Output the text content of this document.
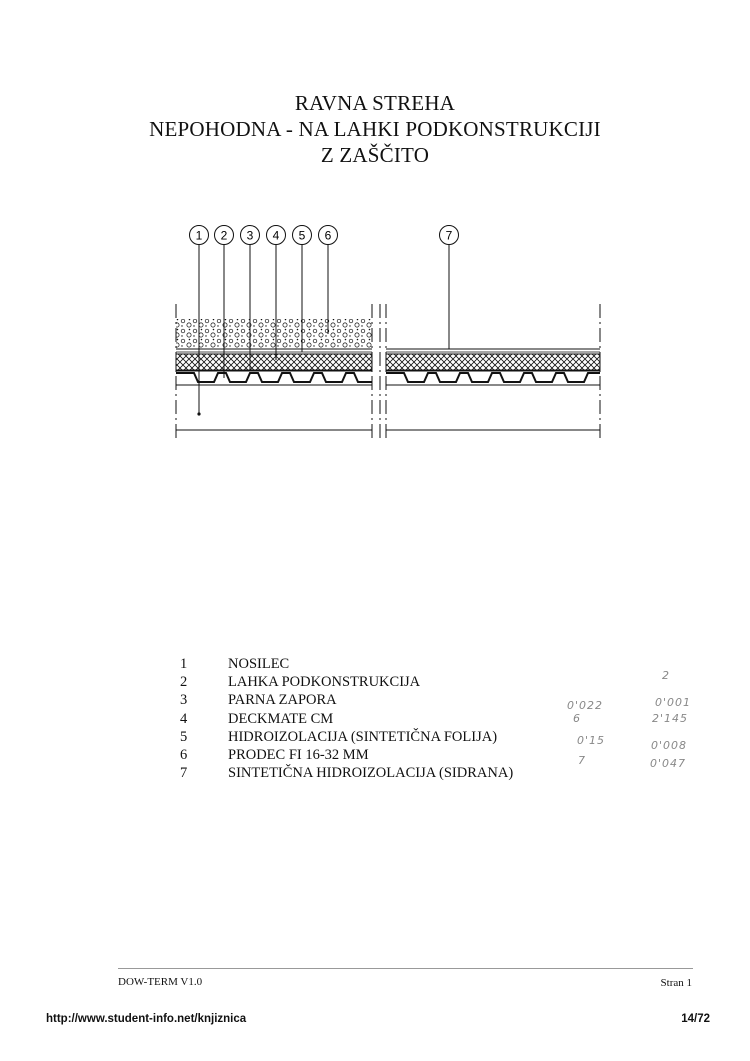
RAVNA STREHA
NEPOHODNA - NA LAHKI PODKONSTRUKCIJI
Z ZAŠČITO
1 2 3 4 5 6	7
1	NOSILEC
2	LAHKA PODKONSTRUKCIJA
3	PARNA ZAPORA
4	DECKMATE CM
5	HIDROIZOLACIJA (SINTETIČNA FOLIJA)
6	PRODEC FI 16-32 MM
7	SINTETIČNA HIDROIZOLACIJA (SIDRANA)
2
0'022	0'001
6	2'145
0'15	0'008
7	0'047
DOW-TERM V1.0	Stran 1
http://www.student-info.net/knjiznica	14/72
